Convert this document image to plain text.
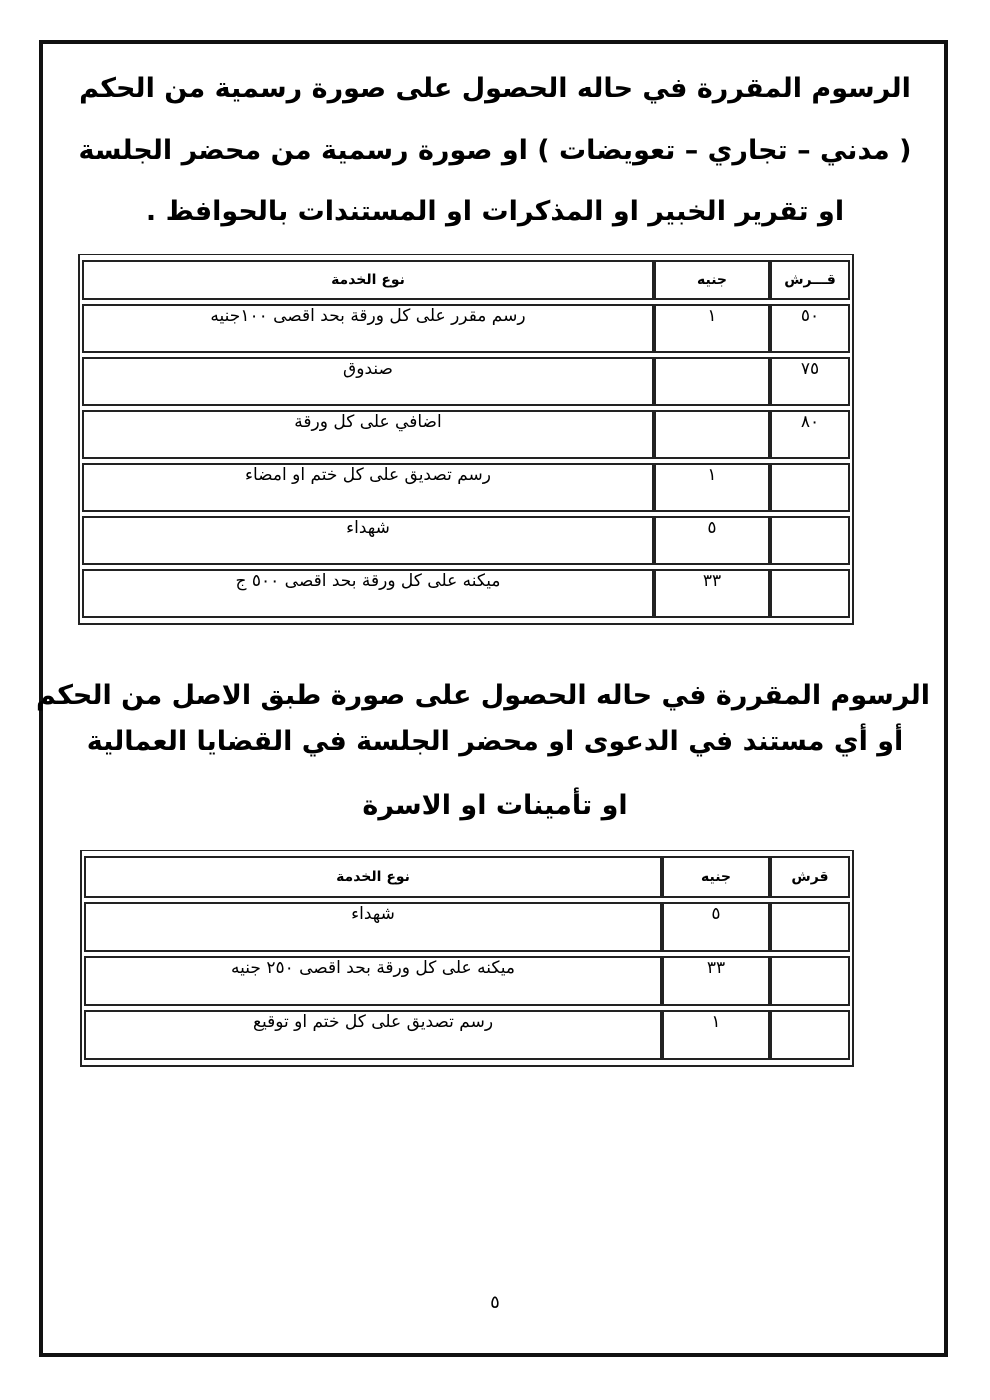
الرسوم المقررة في حاله الحصول على صورة رسمية من الحكم
( مدني – تجاري – تعويضات ) او صورة رسمية من محضر الجلسة
او تقرير الخبير او المذكرات او المستندات بالحوافظ .
قـــرش	جنيه	نوع الخدمة
٥٠	١	رسم مقرر على كل ورقة بحد اقصى ١٠٠جنيه
٧٥		صندوق
٨٠		اضافي على كل ورقة
	١	رسم تصديق على كل ختم او امضاء
	٥	شهداء
	٣٣	ميكنه على كل ورقة بحد اقصى ٥٠٠ ج
الرسوم المقررة في حاله الحصول على صورة طبق الاصل من الحكم
أو أي مستند في الدعوى او محضر الجلسة في القضايا العمالية
او تأمينات او الاسرة
قرش	جنيه	نوع الخدمة
	٥	شهداء
	٣٣	ميكنه على كل ورقة بحد اقصى ٢٥٠ جنيه
	١	رسم تصديق على كل ختم او توقيع
٥
